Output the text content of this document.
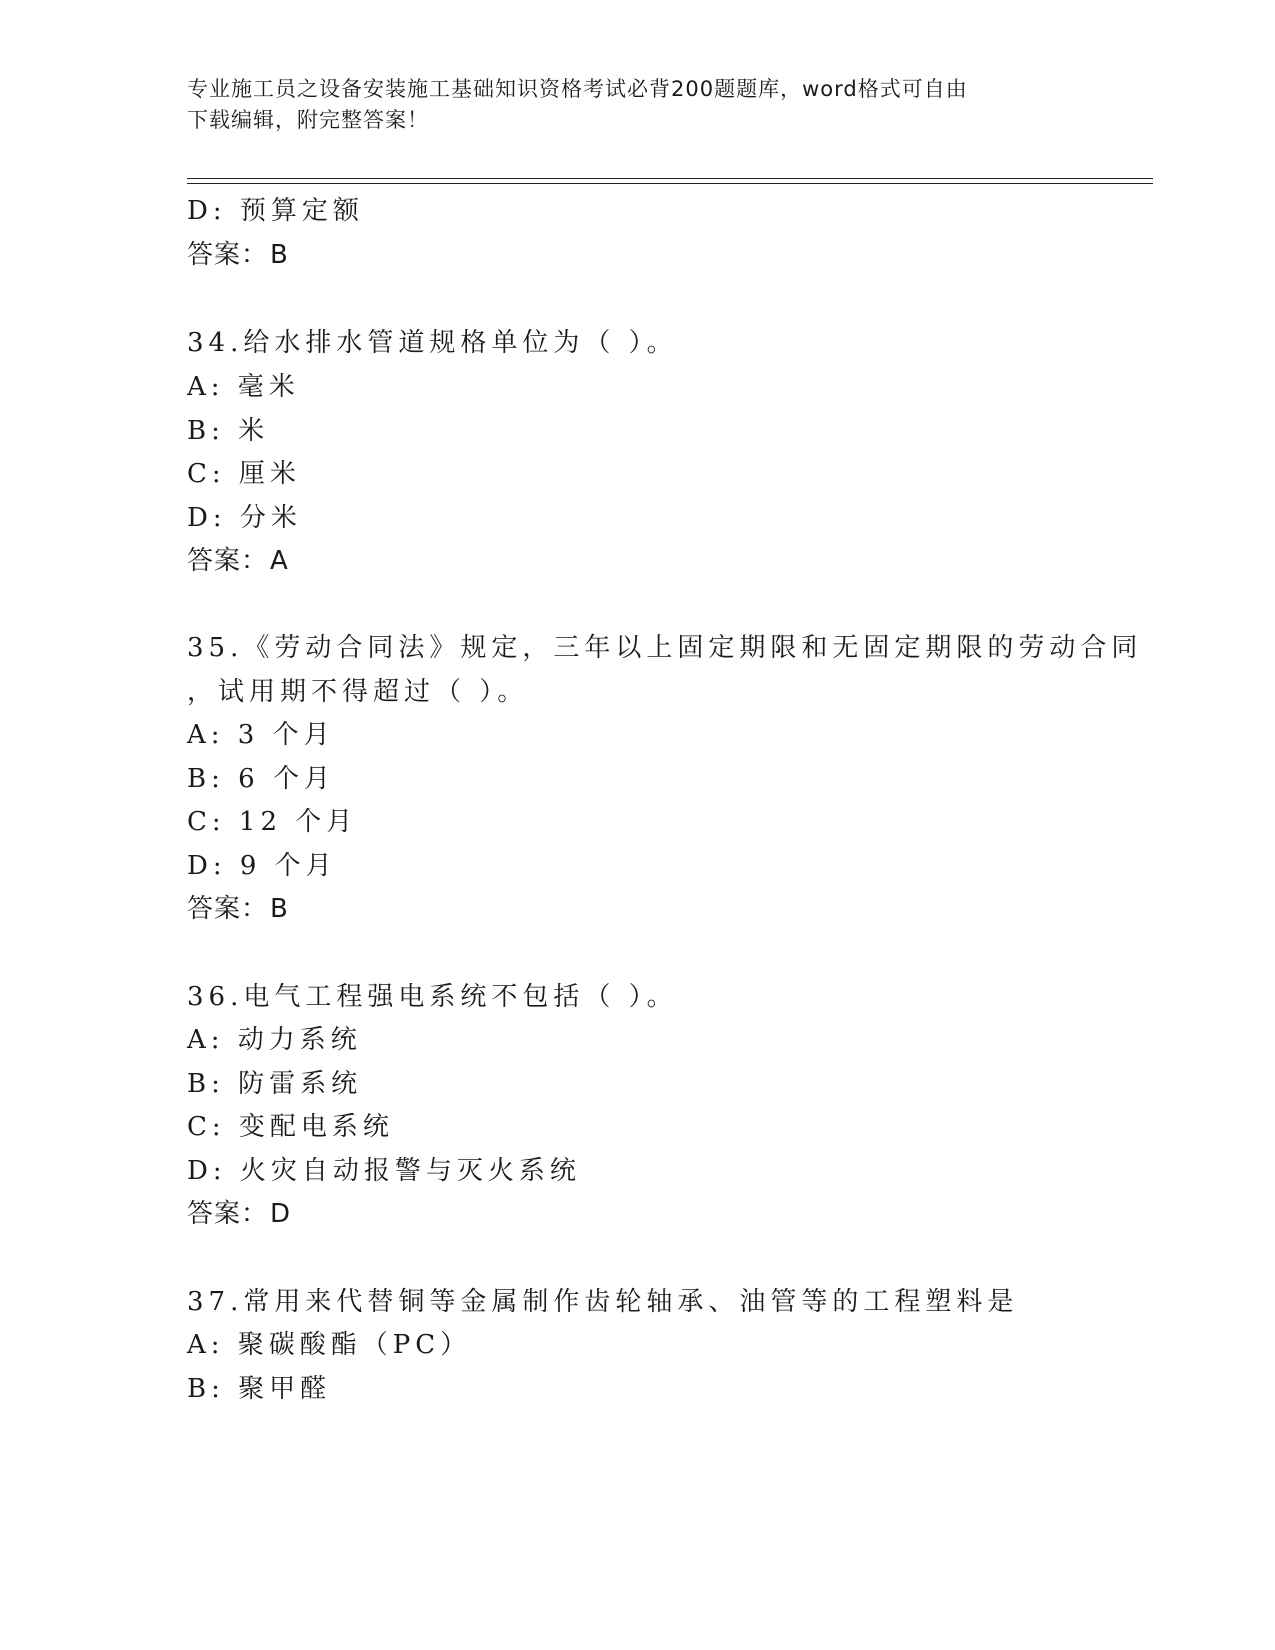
专业施工员之设备安装施工基础知识资格考试必背200题题库，word格式可自由
下载编辑，附完整答案！
D: 预算定额
答案：B
34.给水排水管道规格单位为（ ）。
A: 毫米
B: 米
C: 厘米
D: 分米
答案：A
35.《劳动合同法》规定，三年以上固定期限和无固定期限的劳动合同
，试用期不得超过（ ）。
A: 3 个月
B: 6 个月
C: 12 个月
D: 9 个月
答案：B
36.电气工程强电系统不包括（ ）。
A: 动力系统
B: 防雷系统
C: 变配电系统
D: 火灾自动报警与灭火系统
答案：D
37.常用来代替铜等金属制作齿轮轴承、油管等的工程塑料是
A: 聚碳酸酯（PC）
B: 聚甲醛
